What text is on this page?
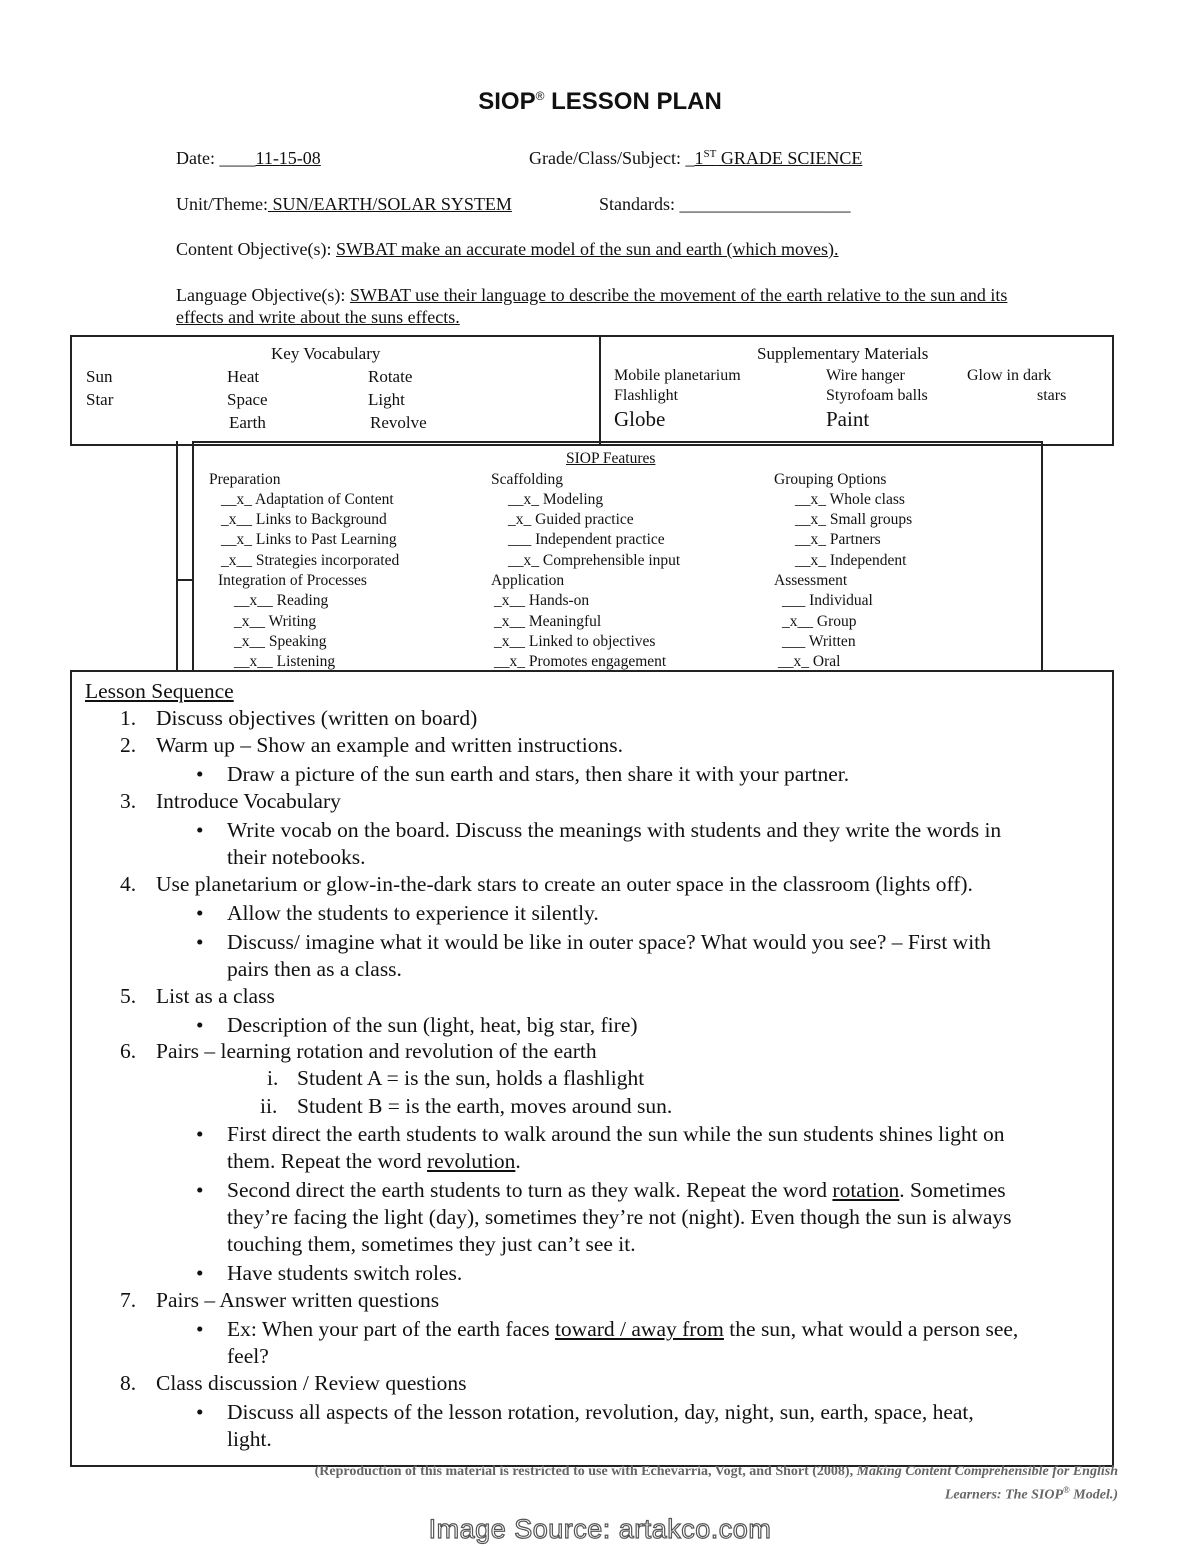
SIOP® LESSON PLAN
Date: ____11-15-08	Grade/Class/Subject: _1ST GRADE SCIENCE
Unit/Theme: SUN/EARTH/SOLAR SYSTEM	Standards: ___________________
Content Objective(s): SWBAT make an accurate model of the sun and earth (which moves).
Language Objective(s): SWBAT use their language to describe the movement of the earth relative to the sun and its
effects and write about the suns effects.
Key Vocabulary
Sun
Star
Heat
Space
Earth
Rotate
Light
Revolve
Supplementary Materials
Mobile planetarium
Flashlight
Globe
Wire hanger
Styrofoam balls
Paint
Glow in dark
stars
SIOP Features
Preparation
__x_ Adaptation of Content
_x__ Links to Background
__x_ Links to Past Learning
_x__ Strategies incorporated
Integration of Processes
__x__ Reading
_x__ Writing
_x__ Speaking
__x__ Listening
Scaffolding
__x_ Modeling
_x_ Guided practice
___ Independent practice
__x_ Comprehensible input
Application
_x__ Hands-on
_x__ Meaningful
_x__ Linked to objectives
__x_ Promotes engagement
Grouping Options
__x_ Whole class
__x_ Small groups
__x_ Partners
__x_ Independent
Assessment
___ Individual
_x__ Group
___ Written
__x_ Oral
Lesson Sequence
1. Discuss objectives (written on board)
2. Warm up – Show an example and written instructions.
• Draw a picture of the sun earth and stars, then share it with your partner.
3. Introduce Vocabulary
• Write vocab on the board. Discuss the meanings with students and they write the words in
their notebooks.
4. Use planetarium or glow-in-the-dark stars to create an outer space in the classroom (lights off).
• Allow the students to experience it silently.
• Discuss/ imagine what it would be like in outer space? What would you see? – First with
pairs then as a class.
5. List as a class
• Description of the sun (light, heat, big star, fire)
6. Pairs – learning rotation and revolution of the earth
i. Student A = is the sun, holds a flashlight
ii. Student B = is the earth, moves around sun.
• First direct the earth students to walk around the sun while the sun students shines light on
them. Repeat the word revolution.
• Second direct the earth students to turn as they walk. Repeat the word rotation. Sometimes
they’re facing the light (day), sometimes they’re not (night). Even though the sun is always
touching them, sometimes they just can’t see it.
• Have students switch roles.
7. Pairs – Answer written questions
• Ex: When your part of the earth faces toward / away from the sun, what would a person see,
feel?
8. Class discussion / Review questions
• Discuss all aspects of the lesson rotation, revolution, day, night, sun, earth, space, heat,
light.
(Reproduction of this material is restricted to use with Echevarria, Vogt, and Short (2008), Making Content Comprehensible for English
Learners: The SIOP® Model.)
Image Source: artakco.com
